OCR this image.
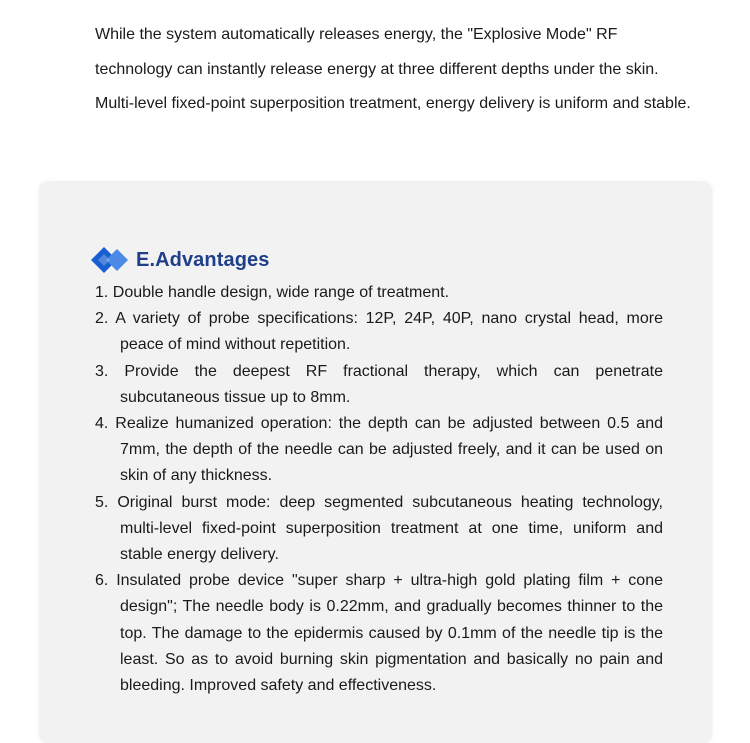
While the system automatically releases energy, the "Explosive Mode" RF technology can instantly release energy at three different depths under the skin. Multi-level fixed-point superposition treatment, energy delivery is uniform and stable.

E.Advantages
1. Double handle design, wide range of treatment.
2. A variety of probe specifications: 12P, 24P, 40P, nano crystal head, more peace of mind without repetition.
3. Provide the deepest RF fractional therapy, which can penetrate subcutaneous tissue up to 8mm.
4. Realize humanized operation: the depth can be adjusted between 0.5 and 7mm, the depth of the needle can be adjusted freely, and it can be used on skin of any thickness.
5. Original burst mode: deep segmented subcutaneous heating technology, multi-level fixed-point superposition treatment at one time, uniform and stable energy delivery.
6. Insulated probe device "super sharp + ultra-high gold plating film + cone design"; The needle body is 0.22mm, and gradually becomes thinner to the top. The damage to the epidermis caused by 0.1mm of the needle tip is the least. So as to avoid burning skin pigmentation and basically no pain and bleeding. Improved safety and effectiveness.
